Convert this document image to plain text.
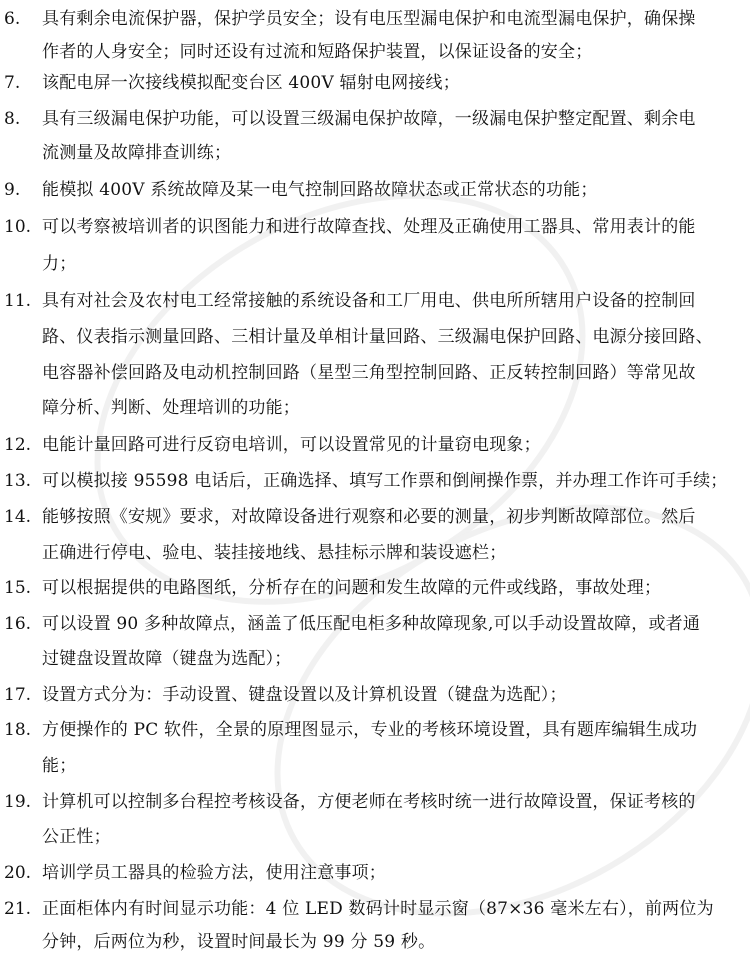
6.	具有剩余电流保护器，保护学员安全；设有电压型漏电保护和电流型漏电保护，确保操
作者的人身安全；同时还设有过流和短路保护装置，以保证设备的安全；
7.	该配电屏一次接线模拟配变台区 400V 辐射电网接线；
8.	具有三级漏电保护功能，可以设置三级漏电保护故障，一级漏电保护整定配置、剩余电
流测量及故障排查训练；
9.	能模拟 400V 系统故障及某一电气控制回路故障状态或正常状态的功能；
10. 可以考察被培训者的识图能力和进行故障查找、处理及正确使用工器具、常用表计的能
力；
11. 具有对社会及农村电工经常接触的系统设备和工厂用电、供电所所辖用户设备的控制回
路、仪表指示测量回路、三相计量及单相计量回路、三级漏电保护回路、电源分接回路、
电容器补偿回路及电动机控制回路（星型三角型控制回路、正反转控制回路）等常见故
障分析、判断、处理培训的功能；
12. 电能计量回路可进行反窃电培训，可以设置常见的计量窃电现象；
13. 可以模拟接 95598 电话后，正确选择、填写工作票和倒闸操作票，并办理工作许可手续；
14. 能够按照《安规》要求，对故障设备进行观察和必要的测量，初步判断故障部位。然后
正确进行停电、验电、装挂接地线、悬挂标示牌和装设遮栏；
15. 可以根据提供的电路图纸，分析存在的问题和发生故障的元件或线路，事故处理；
16. 可以设置 90 多种故障点，涵盖了低压配电柜多种故障现象,可以手动设置故障，或者通
过键盘设置故障（键盘为选配）；
17. 设置方式分为：手动设置、键盘设置以及计算机设置（键盘为选配）；
18. 方便操作的 PC 软件，全景的原理图显示，专业的考核环境设置，具有题库编辑生成功
能；
19. 计算机可以控制多台程控考核设备，方便老师在考核时统一进行故障设置，保证考核的
公正性；
20. 培训学员工器具的检验方法，使用注意事项；
21. 正面柜体内有时间显示功能：4 位 LED 数码计时显示窗（87×36 毫米左右），前两位为
分钟，后两位为秒，设置时间最长为 99 分 59 秒。
